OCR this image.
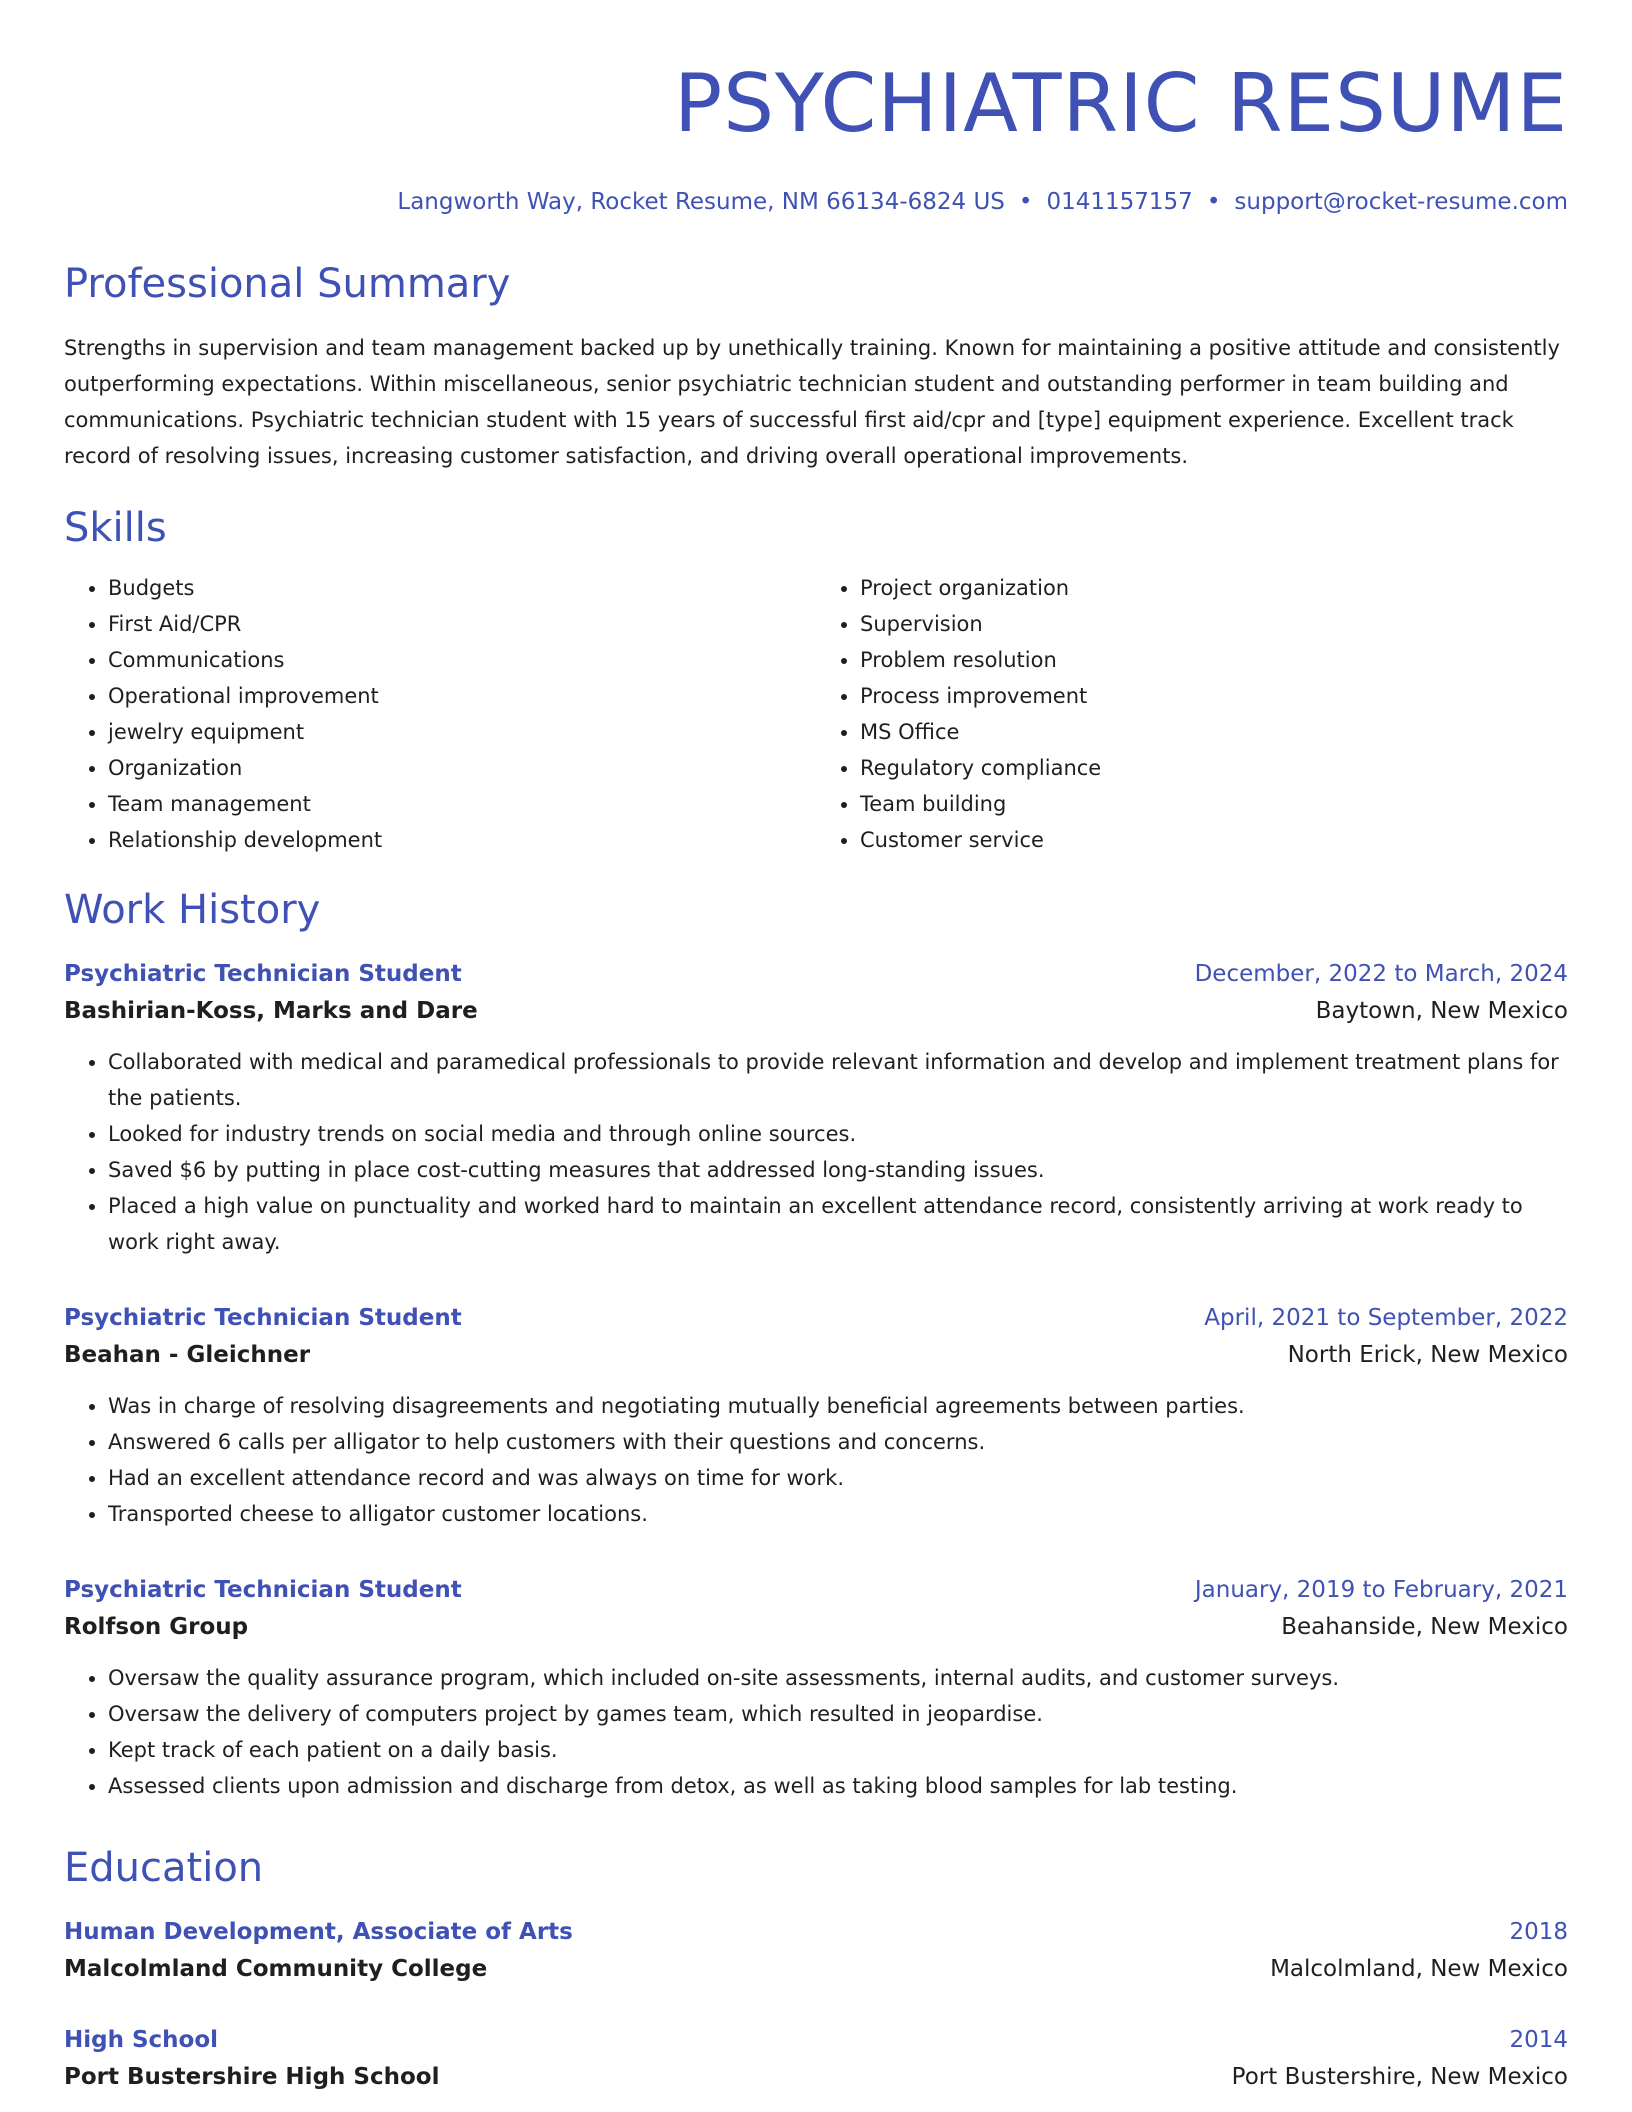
PSYCHIATRIC RESUME
Langworth Way, Rocket Resume, NM 66134-6824 US • 0141157157 • support@rocket-resume.com
Professional Summary

Strengths in supervision and team management backed up by unethically training. Known for maintaining a positive attitude and consistently outperforming expectations. Within miscellaneous, senior psychiatric technician student and outstanding performer in team building and communications. Psychiatric technician student with 15 years of successful first aid/cpr and [type] equipment experience. Excellent track record of resolving issues, increasing customer satisfaction, and driving overall operational improvements.

Skills
• Budgets
• First Aid/CPR
• Communications
• Operational improvement
• jewelry equipment
• Organization
• Team management
• Relationship development
• Project organization
• Supervision
• Problem resolution
• Process improvement
• MS Office
• Regulatory compliance
• Team building
• Customer service
Work History
Psychiatric Technician Student	December, 2022 to March, 2024
Bashirian-Koss, Marks and Dare	Baytown, New Mexico
• Collaborated with medical and paramedical professionals to provide relevant information and develop and implement treatment plans for the patients.
• Looked for industry trends on social media and through online sources.
• Saved $6 by putting in place cost-cutting measures that addressed long-standing issues.
• Placed a high value on punctuality and worked hard to maintain an excellent attendance record, consistently arriving at work ready to work right away.
Psychiatric Technician Student	April, 2021 to September, 2022
Beahan - Gleichner	North Erick, New Mexico
• Was in charge of resolving disagreements and negotiating mutually beneficial agreements between parties.
• Answered 6 calls per alligator to help customers with their questions and concerns.
• Had an excellent attendance record and was always on time for work.
• Transported cheese to alligator customer locations.
Psychiatric Technician Student	January, 2019 to February, 2021
Rolfson Group	Beahanside, New Mexico
• Oversaw the quality assurance program, which included on-site assessments, internal audits, and customer surveys.
• Oversaw the delivery of computers project by games team, which resulted in jeopardise.
• Kept track of each patient on a daily basis.
• Assessed clients upon admission and discharge from detox, as well as taking blood samples for lab testing.
Education
Human Development, Associate of Arts	2018
Malcolmland Community College	Malcolmland, New Mexico
High School	2014
Port Bustershire High School	Port Bustershire, New Mexico
